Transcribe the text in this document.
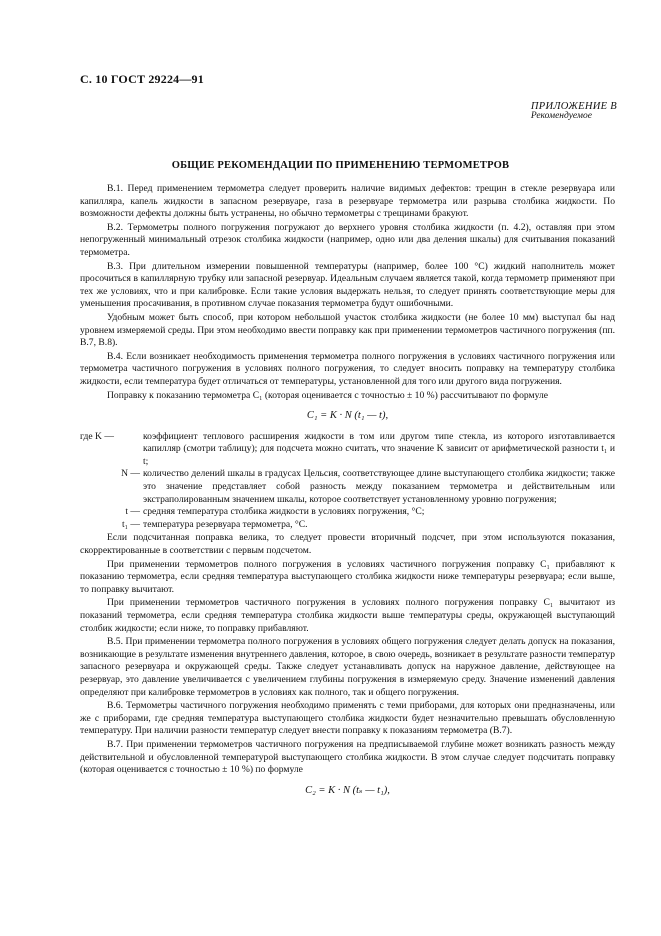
С. 10 ГОСТ 29224—91
ПРИЛОЖЕНИЕ В
Рекомендуемое
ОБЩИЕ РЕКОМЕНДАЦИИ ПО ПРИМЕНЕНИЮ ТЕРМОМЕТРОВ

В.1. Перед применением термометра следует проверить наличие видимых дефектов: трещин в стекле резервуара или капилляра, капель жидкости в запасном резервуаре, газа в резервуаре термометра или разрыва столбика жидкости. По возможности дефекты должны быть устранены, но обычно термометры с трещинами бракуют.

В.2. Термометры полного погружения погружают до верхнего уровня столбика жидкости (п. 4.2), оставляя при этом непогруженный минимальный отрезок столбика жидкости (например, одно или два деления шкалы) для считывания показаний термометра.

В.3. При длительном измерении повышенной температуры (например, более 100 °С) жидкий наполнитель может просочиться в капиллярную трубку или запасной резервуар. Идеальным случаем является такой, когда термометр применяют при тех же условиях, что и при калибровке. Если такие условия выдержать нельзя, то следует принять соответствующие меры для уменьшения просачивания, в противном случае показания термометра будут ошибочными.

Удобным может быть способ, при котором небольшой участок столбика жидкости (не более 10 мм) выступал бы над уровнем измеряемой среды. При этом необходимо ввести поправку как при применении термометров частичного погружения (пп. В.7, В.8).

В.4. Если возникает необходимость применения термометра полного погружения в условиях частичного погружения или термометра частичного погружения в условиях полного погружения, то следует вносить поправку на температуру столбика жидкости, если температура будет отличаться от температуры, установленной для того или другого вида погружения.

Поправку к показанию термометра C₁ (которая оценивается с точностью ± 10 %) рассчитывают по формуле

C₁ = K · N (t₁ — t),

где K —	коэффициент теплового расширения жидкости в том или другом типе стекла, из которого изготавливается капилляр (смотри таблицу); для подсчета можно считать, что значение K зависит от арифметической разности t₁ и t;
N — количество делений шкалы в градусах Цельсия, соответствующее длине выступающего столбика жидкости; также это значение представляет собой разность между показанием термометра и действительным или экстраполированным значением шкалы, которое соответствует установленному уровню погружения;
t — средняя температура столбика жидкости в условиях погружения, °С;
t₁ — температура резервуара термометра, °С.

Если подсчитанная поправка велика, то следует провести вторичный подсчет, при этом используются показания, скорректированные в соответствии с первым подсчетом.

При применении термометров полного погружения в условиях частичного погружения поправку C₁ прибавляют к показанию термометра, если средняя температура выступающего столбика жидкости ниже температуры резервуара; если выше, то поправку вычитают.

При применении термометров частичного погружения в условиях полного погружения поправку C₁ вычитают из показаний термометра, если средняя температура столбика жидкости выше температуры среды, окружающей выступающий столбик жидкости; если ниже, то поправку прибавляют.

В.5. При применении термометра полного погружения в условиях общего погружения следует делать допуск на показания, возникающие в результате изменения внутреннего давления, которое, в свою очередь, возникает в результате разности температур запасного резервуара и окружающей среды. Также следует устанавливать допуск на наружное давление, действующее на резервуар, это давление увеличивается с увеличением глубины погружения в измеряемую среду. Значение изменений давления определяют при калибровке термометров в условиях как полного, так и общего погружения.

В.6. Термометры частичного погружения необходимо применять с теми приборами, для которых они предназначены, или же с приборами, где средняя температура выступающего столбика жидкости будет незначительно превышать обусловленную температуру. При наличии разности температур следует внести поправку к показаниям термометра (В.7).

В.7. При применении термометров частичного погружения на предписываемой глубине может возникать разность между действительной и обусловленной температурой выступающего столбика жидкости. В этом случае следует подсчитать поправку (которая оценивается с точностью ± 10 %) по формуле

C₂ = K · N (tₛ — t₁),
